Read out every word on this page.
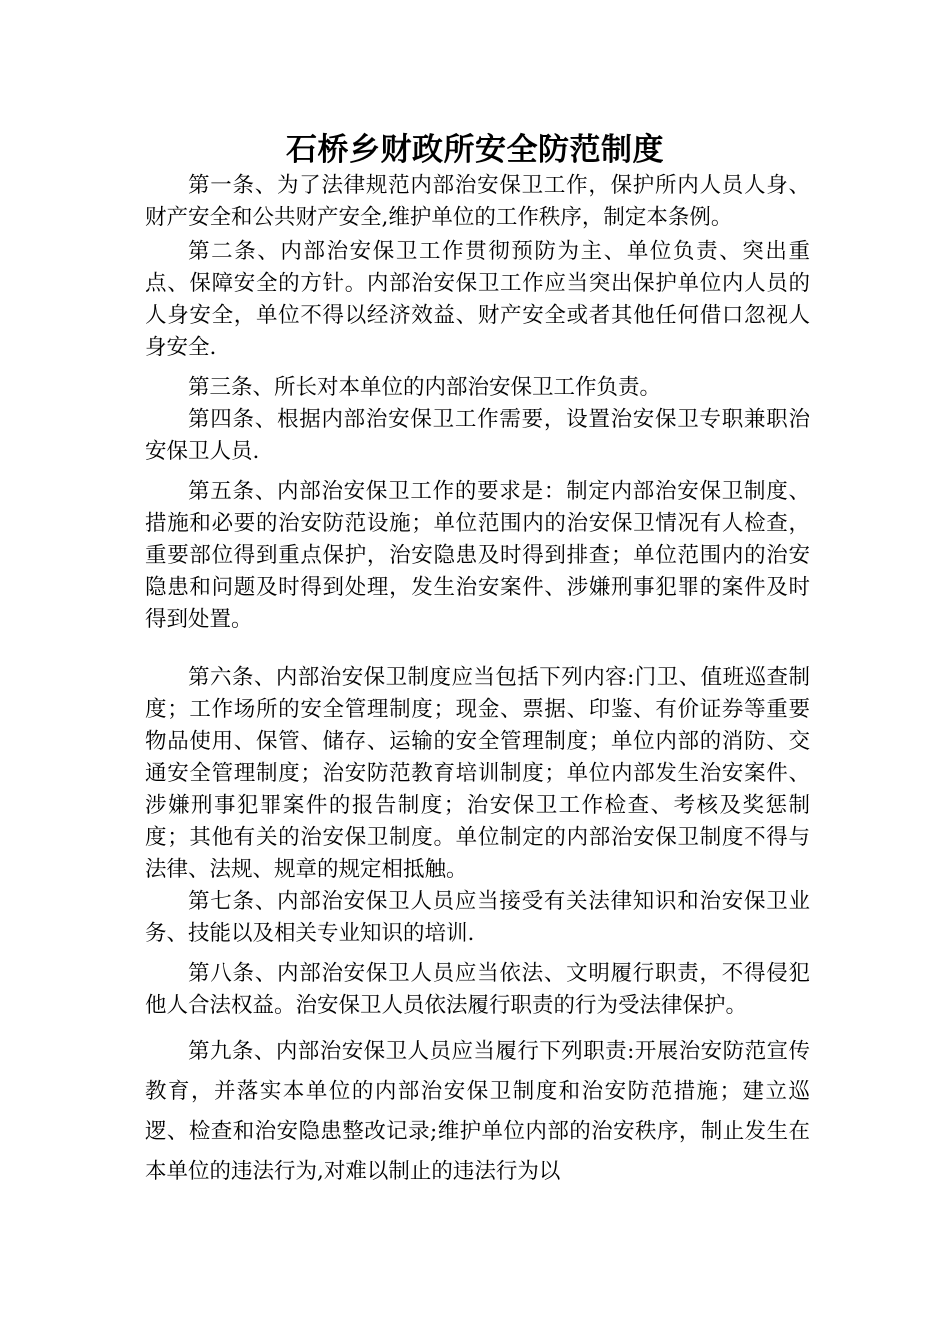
石桥乡财政所安全防范制度

第一条、为了法律规范内部治安保卫工作，保护所内人员人身、财产安全和公共财产安全,维护单位的工作秩序，制定本条例。

第二条、内部治安保卫工作贯彻预防为主、单位负责、突出重点、保障安全的方针。内部治安保卫工作应当突出保护单位内人员的人身安全，单位不得以经济效益、财产安全或者其他任何借口忽视人身安全.

第三条、所长对本单位的内部治安保卫工作负责。

第四条、根据内部治安保卫工作需要，设置治安保卫专职兼职治安保卫人员.

第五条、内部治安保卫工作的要求是：制定内部治安保卫制度、措施和必要的治安防范设施；单位范围内的治安保卫情况有人检查，重要部位得到重点保护，治安隐患及时得到排查；单位范围内的治安隐患和问题及时得到处理，发生治安案件、涉嫌刑事犯罪的案件及时得到处置。

第六条、内部治安保卫制度应当包括下列内容:门卫、值班巡查制度；工作场所的安全管理制度；现金、票据、印鉴、有价证券等重要物品使用、保管、储存、运输的安全管理制度；单位内部的消防、交通安全管理制度；治安防范教育培训制度；单位内部发生治安案件、涉嫌刑事犯罪案件的报告制度；治安保卫工作检查、考核及奖惩制度；其他有关的治安保卫制度。单位制定的内部治安保卫制度不得与法律、法规、规章的规定相抵触。

第七条、内部治安保卫人员应当接受有关法律知识和治安保卫业务、技能以及相关专业知识的培训.

第八条、内部治安保卫人员应当依法、文明履行职责，不得侵犯他人合法权益。治安保卫人员依法履行职责的行为受法律保护。

第九条、内部治安保卫人员应当履行下列职责:开展治安防范宣传教育，并落实本单位的内部治安保卫制度和治安防范措施；建立巡逻、检查和治安隐患整改记录;维护单位内部的治安秩序，制止发生在本单位的违法行为,对难以制止的违法行为以
